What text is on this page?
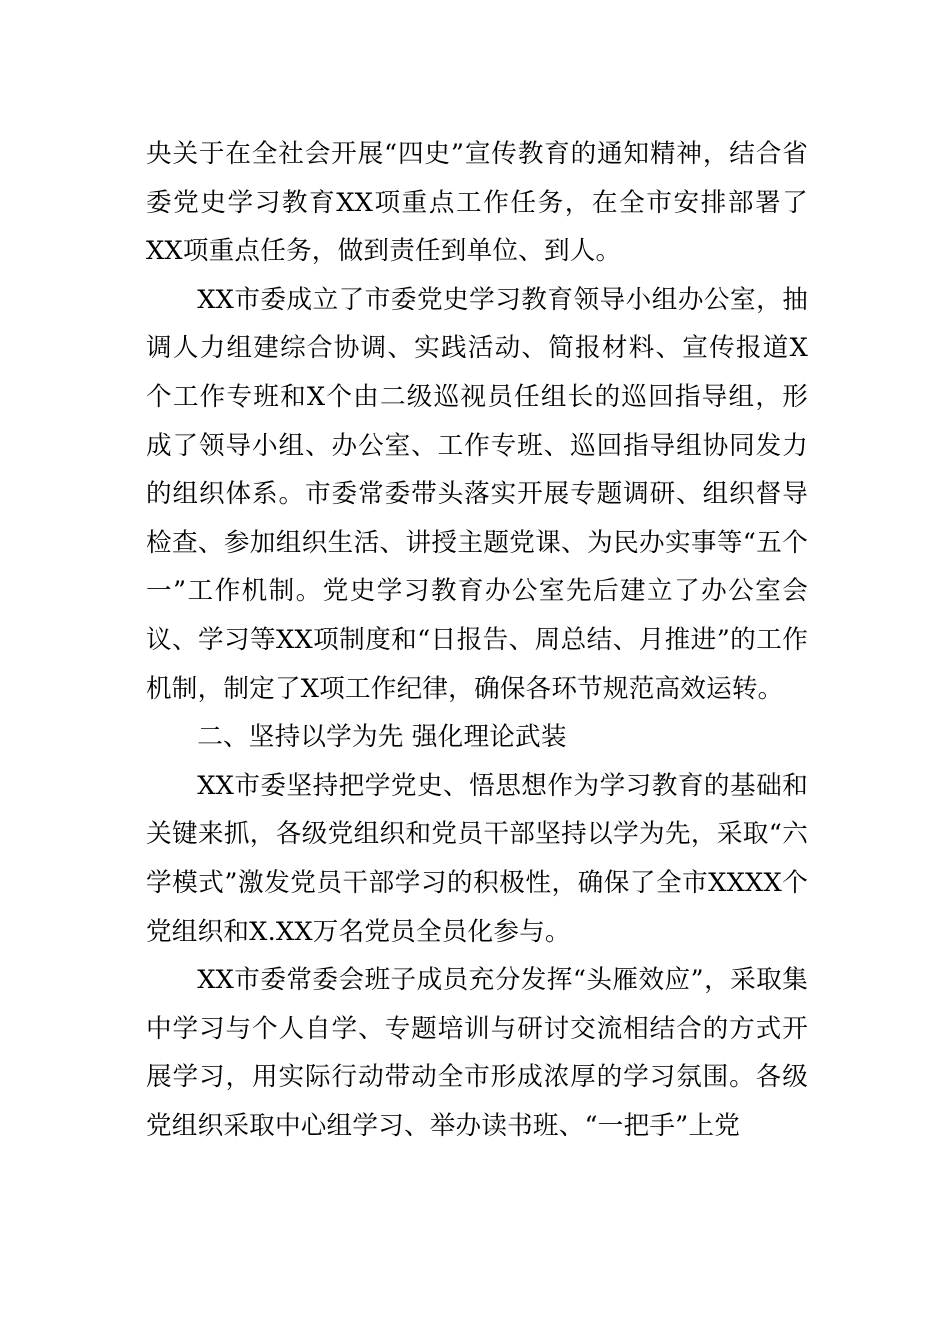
央关于在全社会开展“四史”宣传教育的通知精神，结合省委党史学习教育XX项重点工作任务，在全市安排部署了XX项重点任务，做到责任到单位、到人。

XX市委成立了市委党史学习教育领导小组办公室，抽调人力组建综合协调、实践活动、简报材料、宣传报道X个工作专班和X个由二级巡视员任组长的巡回指导组，形成了领导小组、办公室、工作专班、巡回指导组协同发力的组织体系。市委常委带头落实开展专题调研、组织督导检查、参加组织生活、讲授主题党课、为民办实事等“五个一”工作机制。党史学习教育办公室先后建立了办公室会议、学习等XX项制度和“日报告、周总结、月推进”的工作机制，制定了X项工作纪律，确保各环节规范高效运转。

二、坚持以学为先 强化理论武装

XX市委坚持把学党史、悟思想作为学习教育的基础和关键来抓，各级党组织和党员干部坚持以学为先，采取“六学模式”激发党员干部学习的积极性，确保了全市XXXX个党组织和X.XX万名党员全员化参与。

XX市委常委会班子成员充分发挥“头雁效应”，采取集中学习与个人自学、专题培训与研讨交流相结合的方式开展学习，用实际行动带动全市形成浓厚的学习氛围。各级党组织采取中心组学习、举办读书班、“一把手”上党
